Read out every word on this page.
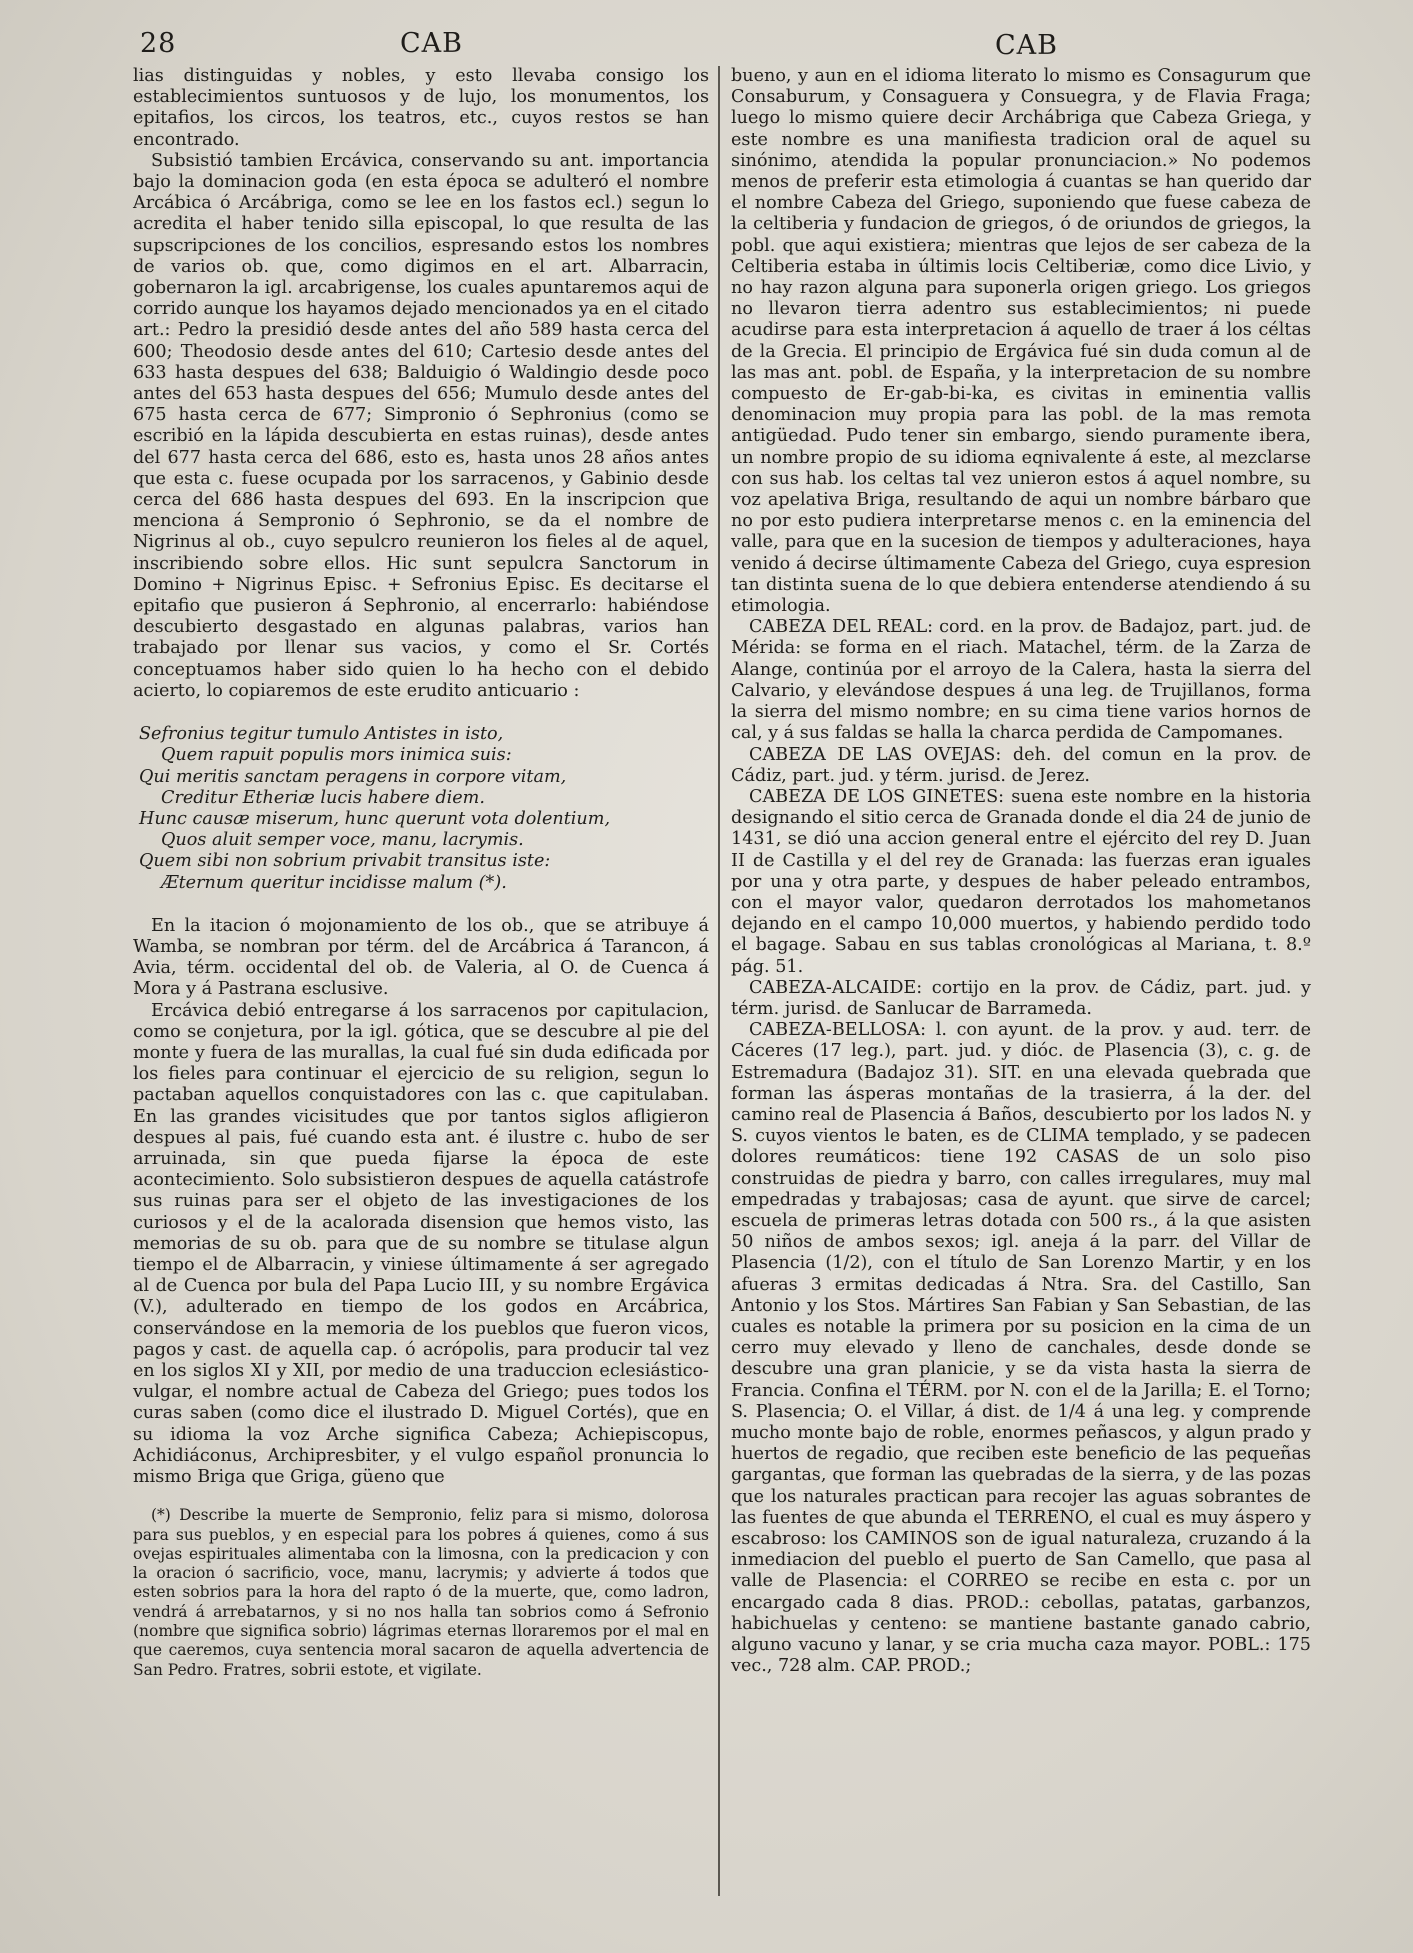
28	CAB	CAB

lias distinguidas y nobles, y esto llevaba consigo los establecimientos suntuosos y de lujo, los monumentos, los epitafios, los circos, los teatros, etc., cuyos restos se han encontrado.

Subsistió tambien Ercávica, conservando su ant. importancia bajo la dominacion goda (en esta época se adulteró el nombre Arcábica ó Arcábriga, como se lee en los fastos ecl.) segun lo acredita el haber tenido silla episcopal, lo que resulta de las supscripciones de los concilios, espresando estos los nombres de varios ob. que, como digimos en el art. Albarracin, gobernaron la igl. arcabrigense, los cuales apuntaremos aqui de corrido aunque los hayamos dejado mencionados ya en el citado art.: Pedro la presidió desde antes del año 589 hasta cerca del 600; Theodosio desde antes del 610; Cartesio desde antes del 633 hasta despues del 638; Balduigio ó Waldingio desde poco antes del 653 hasta despues del 656; Mumulo desde antes del 675 hasta cerca de 677; Simpronio ó Sephronius (como se escribió en la lápida descubierta en estas ruinas), desde antes del 677 hasta cerca del 686, esto es, hasta unos 28 años antes que esta c. fuese ocupada por los sarracenos, y Gabinio desde cerca del 686 hasta despues del 693. En la inscripcion que menciona á Sempronio ó Sephronio, se da el nombre de Nigrinus al ob., cuyo sepulcro reunieron los fieles al de aquel, inscribiendo sobre ellos. Hic sunt sepulcra Sanctorum in Domino + Nigrinus Episc. + Sefronius Episc. Es decitarse el epitafio que pusieron á Sephronio, al encerrarlo: habiéndose descubierto desgastado en algunas palabras, varios han trabajado por llenar sus vacios, y como el Sr. Cortés conceptuamos haber sido quien lo ha hecho con el debido acierto, lo copiaremos de este erudito anticuario :

Sefronius tegitur tumulo Antistes in isto,
Quem rapuit populis mors inimica suis:
Qui meritis sanctam peragens in corpore vitam,
Creditur Etheriæ lucis habere diem.
Hunc causæ miserum, hunc querunt vota dolentium,
Quos aluit semper voce, manu, lacrymis.
Quem sibi non sobrium privabit transitus iste:
Æternum queritur incidisse malum (*).

En la itacion ó mojonamiento de los ob., que se atribuye á Wamba, se nombran por térm. del de Arcábrica á Tarancon, á Avia, térm. occidental del ob. de Valeria, al O. de Cuenca á Mora y á Pastrana esclusive.

Ercávica debió entregarse á los sarracenos por capitulacion, como se conjetura, por la igl. gótica, que se descubre al pie del monte y fuera de las murallas, la cual fué sin duda edificada por los fieles para continuar el ejercicio de su religion, segun lo pactaban aquellos conquistadores con las c. que capitulaban. En las grandes vicisitudes que por tantos siglos afligieron despues al pais, fué cuando esta ant. é ilustre c. hubo de ser arruinada, sin que pueda fijarse la época de este acontecimiento. Solo subsistieron despues de aquella catástrofe sus ruinas para ser el objeto de las investigaciones de los curiosos y el de la acalorada disension que hemos visto, las memorias de su ob. para que de su nombre se titulase algun tiempo el de Albarracin, y viniese últimamente á ser agregado al de Cuenca por bula del Papa Lucio III, y su nombre Ergávica (V.), adulterado en tiempo de los godos en Arcábrica, conservándose en la memoria de los pueblos que fueron vicos, pagos y cast. de aquella cap. ó acrópolis, para producir tal vez en los siglos XI y XII, por medio de una traduccion eclesiástico-vulgar, el nombre actual de Cabeza del Griego; pues todos los curas saben (como dice el ilustrado D. Miguel Cortés), que en su idioma la voz Arche significa Cabeza; Achiepiscopus, Achidiáconus, Archipresbiter, y el vulgo español pronuncia lo mismo Briga que Griga, güeno que

(*) Describe la muerte de Sempronio, feliz para si mismo, dolorosa para sus pueblos, y en especial para los pobres á quienes, como á sus ovejas espirituales alimentaba con la limosna, con la predicacion y con la oracion ó sacrificio, voce, manu, lacrymis; y advierte á todos que esten sobrios para la hora del rapto ó de la muerte, que, como ladron, vendrá á arrebatarnos, y si no nos halla tan sobrios como á Sefronio (nombre que significa sobrio) lágrimas eternas lloraremos por el mal en que caeremos, cuya sentencia moral sacaron de aquella advertencia de San Pedro. Fratres, sobrii estote, et vigilate.

bueno, y aun en el idioma literato lo mismo es Consagurum que Consaburum, y Consaguera y Consuegra, y de Flavia Fraga; luego lo mismo quiere decir Archábriga que Cabeza Griega, y este nombre es una manifiesta tradicion oral de aquel su sinónimo, atendida la popular pronunciacion.» No podemos menos de preferir esta etimologia á cuantas se han querido dar el nombre Cabeza del Griego, suponiendo que fuese cabeza de la celtiberia y fundacion de griegos, ó de oriundos de griegos, la pobl. que aqui existiera; mientras que lejos de ser cabeza de la Celtiberia estaba in últimis locis Celtiberiæ, como dice Livio, y no hay razon alguna para suponerla origen griego. Los griegos no llevaron tierra adentro sus establecimientos; ni puede acudirse para esta interpretacion á aquello de traer á los céltas de la Grecia. El principio de Ergávica fué sin duda comun al de las mas ant. pobl. de España, y la interpretacion de su nombre compuesto de Er-gab-bi-ka, es civitas in eminentia vallis denominacion muy propia para las pobl. de la mas remota antigüedad. Pudo tener sin embargo, siendo puramente ibera, un nombre propio de su idioma eqnivalente á este, al mezclarse con sus hab. los celtas tal vez unieron estos á aquel nombre, su voz apelativa Briga, resultando de aqui un nombre bárbaro que no por esto pudiera interpretarse menos c. en la eminencia del valle, para que en la sucesion de tiempos y adulteraciones, haya venido á decirse últimamente Cabeza del Griego, cuya espresion tan distinta suena de lo que debiera entenderse atendiendo á su etimologia.

CABEZA DEL REAL: cord. en la prov. de Badajoz, part. jud. de Mérida: se forma en el riach. Matachel, térm. de la Zarza de Alange, continúa por el arroyo de la Calera, hasta la sierra del Calvario, y elevándose despues á una leg. de Trujillanos, forma la sierra del mismo nombre; en su cima tiene varios hornos de cal, y á sus faldas se halla la charca perdida de Campomanes.

CABEZA DE LAS OVEJAS: deh. del comun en la prov. de Cádiz, part. jud. y térm. jurisd. de Jerez.

CABEZA DE LOS GINETES: suena este nombre en la historia designando el sitio cerca de Granada donde el dia 24 de junio de 1431, se dió una accion general entre el ejército del rey D. Juan II de Castilla y el del rey de Granada: las fuerzas eran iguales por una y otra parte, y despues de haber peleado entrambos, con el mayor valor, quedaron derrotados los mahometanos dejando en el campo 10,000 muertos, y habiendo perdido todo el bagage. Sabau en sus tablas cronológicas al Mariana, t. 8.º pág. 51.

CABEZA-ALCAIDE: cortijo en la prov. de Cádiz, part. jud. y térm. jurisd. de Sanlucar de Barrameda.

CABEZA-BELLOSA: l. con ayunt. de la prov. y aud. terr. de Cáceres (17 leg.), part. jud. y dióc. de Plasencia (3), c. g. de Estremadura (Badajoz 31). SIT. en una elevada quebrada que forman las ásperas montañas de la trasierra, á la der. del camino real de Plasencia á Baños, descubierto por los lados N. y S. cuyos vientos le baten, es de CLIMA templado, y se padecen dolores reumáticos: tiene 192 CASAS de un solo piso construidas de piedra y barro, con calles irregulares, muy mal empedradas y trabajosas; casa de ayunt. que sirve de carcel; escuela de primeras letras dotada con 500 rs., á la que asisten 50 niños de ambos sexos; igl. aneja á la parr. del Villar de Plasencia (1/2), con el título de San Lorenzo Martir, y en los afueras 3 ermitas dedicadas á Ntra. Sra. del Castillo, San Antonio y los Stos. Mártires San Fabian y San Sebastian, de las cuales es notable la primera por su posicion en la cima de un cerro muy elevado y lleno de canchales, desde donde se descubre una gran planicie, y se da vista hasta la sierra de Francia. Confina el TÉRM. por N. con el de la Jarilla; E. el Torno; S. Plasencia; O. el Villar, á dist. de 1/4 á una leg. y comprende mucho monte bajo de roble, enormes peñascos, y algun prado y huertos de regadio, que reciben este beneficio de las pequeñas gargantas, que forman las quebradas de la sierra, y de las pozas que los naturales practican para recojer las aguas sobrantes de las fuentes de que abunda el TERRENO, el cual es muy áspero y escabroso: los CAMINOS son de igual naturaleza, cruzando á la inmediacion del pueblo el puerto de San Camello, que pasa al valle de Plasencia: el CORREO se recibe en esta c. por un encargado cada 8 dias. PROD.: cebollas, patatas, garbanzos, habichuelas y centeno: se mantiene bastante ganado cabrio, alguno vacuno y lanar, y se cria mucha caza mayor. POBL.: 175 vec., 728 alm. CAP. PROD.;
